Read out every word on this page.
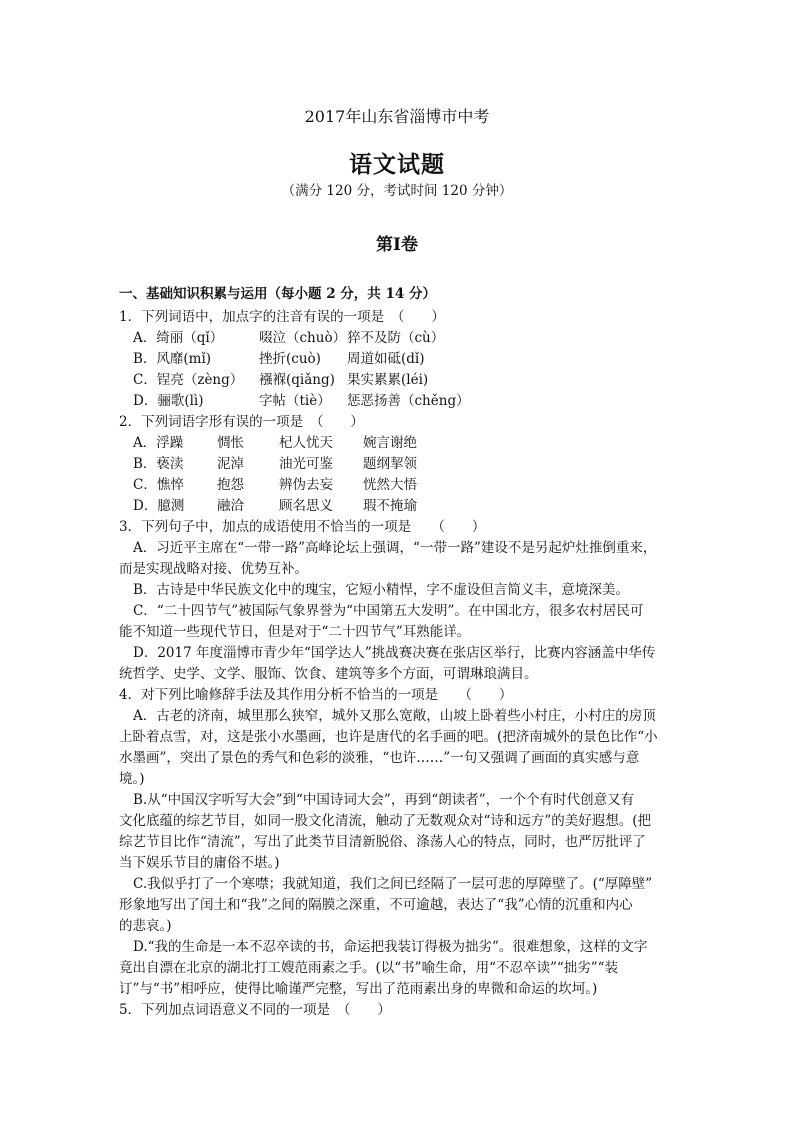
2017年山东省淄博市中考
语文试题
（满分 120 分，考试时间 120 分钟）
第Ⅰ卷
一、基础知识积累与运用（每小题 2 分，共 14 分）
1．下列词语中，加点字的注音有误的一项是　（　　）
A．绮丽（qǐ）	啜泣（chuò）猝不及防（cù）
B．风靡(mǐ)	挫折(cuò) 周道如砥(dǐ)
C．锃亮（zèng） 襁褓(qiǎng) 果实累累(léi)
D．骊歌(lì)	字帖（tiè） 惩恶扬善（chěng）
2．下列词语字形有误的一项是　（　　）
A．浮躁	惆怅	杞人忧天 婉言谢绝
B．亵渎 泥淖	油光可鉴 题纲挈领
C．憔悴 抱怨	辨伪去妄 恍然大悟
D．臆测 融洽	顾名思义 瑕不掩瑜
3．下列句子中，加点的成语使用不恰当的一项是　　（　　）
A．习近平主席在“一带一路”高峰论坛上强调，“一带一路”建设不是另起炉灶推倒重来，
而是实现战略对接、优势互补。
B．古诗是中华民族文化中的瑰宝，它短小精悍，字不虚设但言简义丰，意境深美。
C．“二十四节气”被国际气象界誉为“中国第五大发明”。在中国北方，很多农村居民可
能不知道一些现代节日，但是对于“二十四节气”耳熟能详。
D．2017 年度淄博市青少年“国学达人”挑战赛决赛在张店区举行，比赛内容涵盖中华传
统哲学、史学、文学、服饰、饮食、建筑等多个方面，可谓琳琅满目。
4．对下列比喻修辞手法及其作用分析不恰当的一项是　　（　　）
A．古老的济南，城里那么狭窄，城外又那么宽敞，山坡上卧着些小村庄，小村庄的房顶
上卧着点雪，对，这是张小水墨画，也许是唐代的名手画的吧。(把济南城外的景色比作“小
水墨画”，突出了景色的秀气和色彩的淡雅，“也许……”一句又强调了画面的真实感与意
境。)
B.从“中国汉字听写大会”到“中国诗词大会”，再到“朗读者”，一个个有时代创意又有
文化底蕴的综艺节目，如同一股文化清流，触动了无数观众对“诗和远方”的美好遐想。(把
综艺节目比作“清流”，写出了此类节目清新脱俗、涤荡人心的特点，同时，也严厉批评了
当下娱乐节目的庸俗不堪。)
C.我似乎打了一个寒噤；我就知道，我们之间已经隔了一层可悲的厚障壁了。(“厚障壁”
形象地写出了闰土和“我”之间的隔膜之深重，不可逾越，表达了“我”心情的沉重和内心
的悲哀。)
D.“我的生命是一本不忍卒读的书，命运把我装订得极为拙劣”。很难想象，这样的文字
竟出自漂在北京的湖北打工嫂范雨素之手。(以“书”喻生命，用“不忍卒读”“拙劣”“装
订”与“书”相呼应，使得比喻谨严完整，写出了范雨素出身的卑微和命运的坎坷。)
5．下列加点词语意义不同的一项是　（　　）
